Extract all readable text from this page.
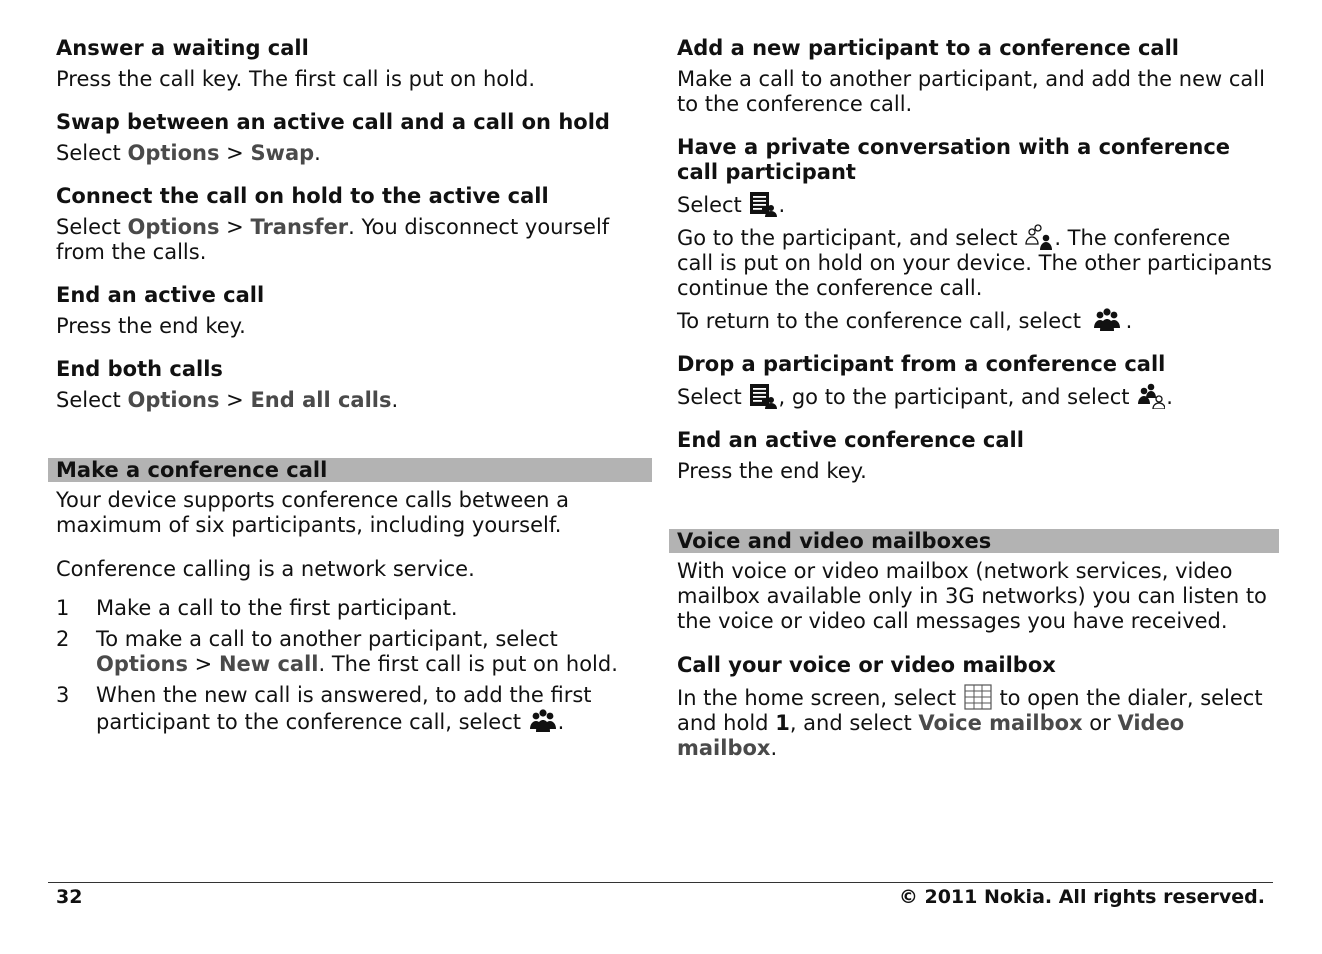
Answer a waiting call

Press the call key. The first call is put on hold.

Swap between an active call and a call on hold

Select Options > Swap.

Connect the call on hold to the active call

Select Options > Transfer. You disconnect yourself from the calls.

End an active call

Press the end key.

End both calls

Select Options > End all calls.

Make a conference call

Your device supports conference calls between a maximum of six participants, including yourself.

Conference calling is a network service.

1 Make a call to the first participant.
2 To make a call to another participant, select Options > New call. The first call is put on hold.
3 When the new call is answered, to add the first participant to the conference call, select .

Add a new participant to a conference call

Make a call to another participant, and add the new call to the conference call.

Have a private conversation with a conference call participant

Select .

Go to the participant, and select . The conference call is put on hold on your device. The other participants continue the conference call.

To return to the conference call, select .

Drop a participant from a conference call

Select , go to the participant, and select .

End an active conference call

Press the end key.

Voice and video mailboxes

With voice or video mailbox (network services, video mailbox available only in 3G networks) you can listen to the voice or video call messages you have received.

Call your voice or video mailbox

In the home screen, select  to open the dialer, select and hold 1, and select Voice mailbox or Video mailbox.

32	© 2011 Nokia. All rights reserved.
